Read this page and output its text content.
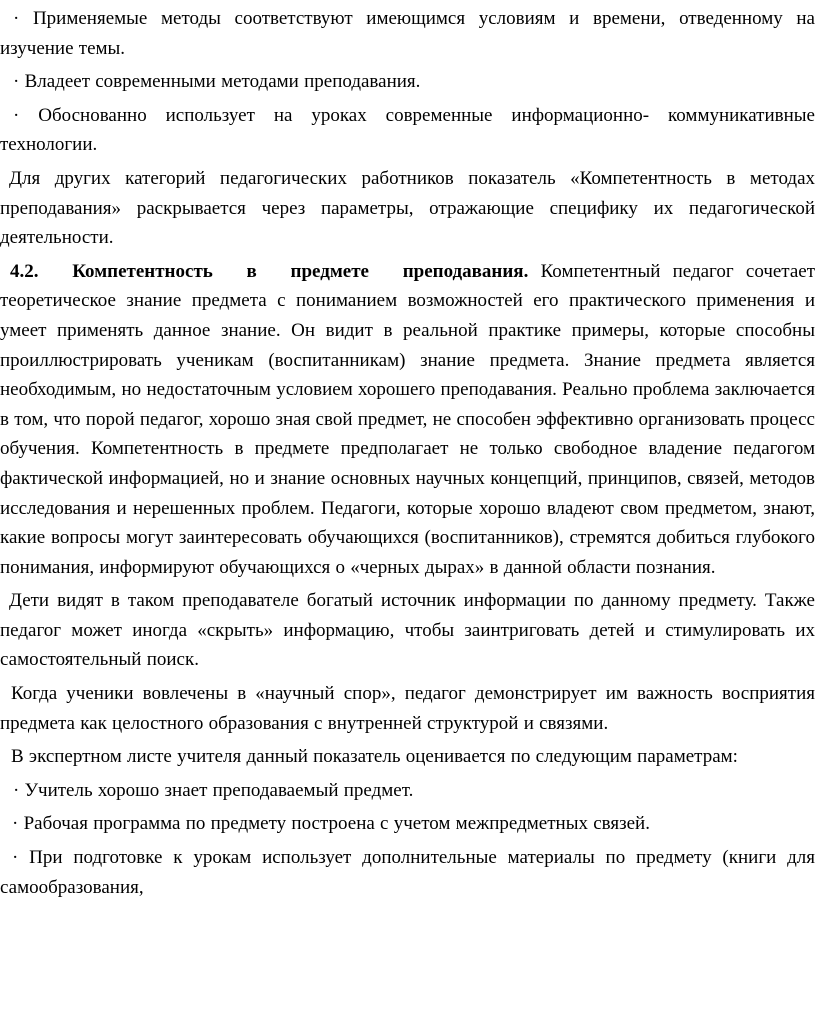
· Применяемые методы соответствуют имеющимся условиям и времени, отведенному на изучение темы.

· Владеет современными методами преподавания.

· Обоснованно использует на уроках современные информационно- коммуникативные технологии.

Для других категорий педагогических работников показатель «Компетентность в методах преподавания» раскрывается через параметры, отражающие специфику их педагогической деятельности.

4.2. Компетентность в предмете преподавания. Компетентный педагог сочетает теоретическое знание предмета с пониманием возможностей его практического применения и умеет применять данное знание. Он видит в реальной практике примеры, которые способны проиллюстрировать ученикам (воспитанникам) знание предмета. Знание предмета является необходимым, но недостаточным условием хорошего преподавания. Реально проблема заключается в том, что порой педагог, хорошо зная свой предмет, не способен эффективно организовать процесс обучения. Компетентность в предмете предполагает не только свободное владение педагогом фактической информацией, но и знание основных научных концепций, принципов, связей, методов исследования и нерешенных проблем. Педагоги, которые хорошо владеют свом предметом, знают, какие вопросы могут заинтересовать обучающихся (воспитанников), стремятся добиться глубокого понимания, информируют обучающихся о «черных дырах» в данной области познания.

Дети видят в таком преподавателе богатый источник информации по данному предмету. Также педагог может иногда «скрыть» информацию, чтобы заинтриговать детей и стимулировать их самостоятельный поиск.

Когда ученики вовлечены в «научный спор», педагог демонстрирует им важность восприятия предмета как целостного образования с внутренней структурой и связями.

В экспертном листе учителя данный показатель оценивается по следующим параметрам:

· Учитель хорошо знает преподаваемый предмет.

· Рабочая программа по предмету построена с учетом межпредметных связей.

· При подготовке к урокам использует дополнительные материалы по предмету (книги для самообразования,
